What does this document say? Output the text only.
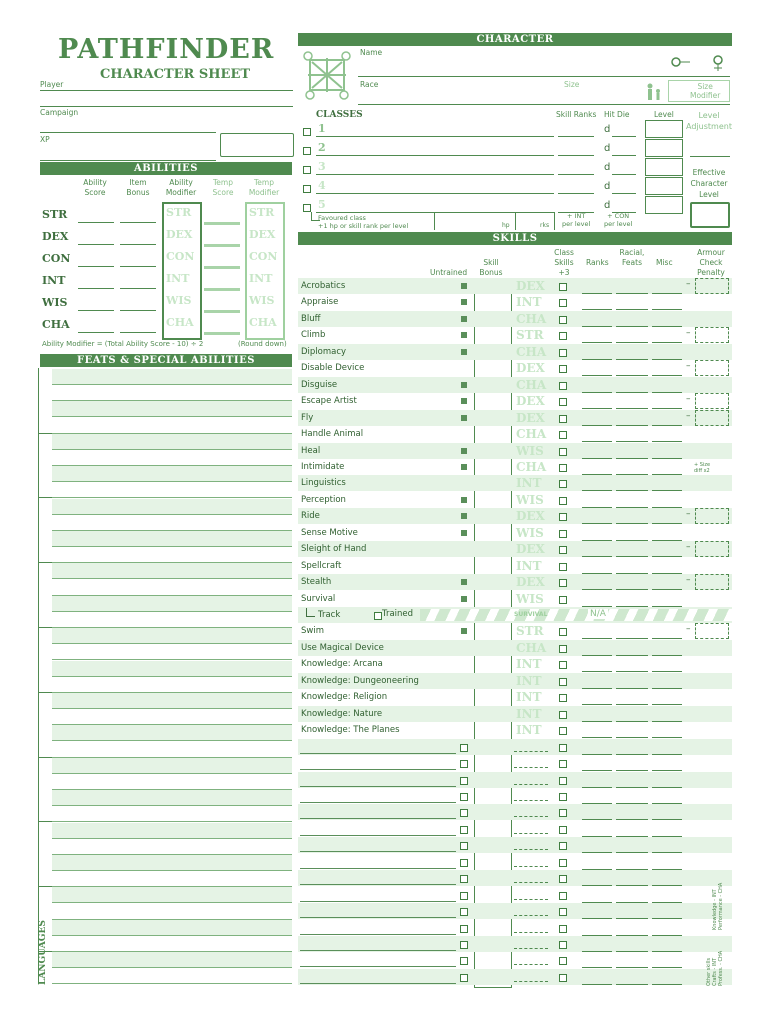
PATHFINDER
CHARACTER SHEET
Player
Campaign
XP
ABILITIES
Ability
Score
Item
Bonus
Ability
Modifier
Temp
Score
Temp
Modifier
STR	STR	STR
DEX	DEX	DEX
CON	CON	CON
INT	INT	INT
WIS	WIS	WIS
CHA	CHA	CHA
Ability Modifier = (Total Ability Score - 10) ÷ 2	(Round down)
FEATS & SPECIAL ABILITIES
LANGUAGES
CHARACTER
Name
Race	Size	Size
Modifier
CLASSES	Skill Ranks Hit Die	Level	Level
Adjustment
Effective
Character
Level
1	d
2	d
3	d
4	d
5	d
Favoured class
+1 hp or skill rank per level	hp	rks
+ INT
per level
+ CON
per level
SKILLS
Untrained
Skill
Bonus
Class
Skills
+3
Ranks
Racial,
Feats	Misc
Armour
Check
Penalty
Acrobatics	DEX	–
Appraise	INT
Bluff	CHA
Climb	STR	–
Diplomacy	CHA
Disable Device	DEX	–
Disguise	CHA
Escape Artist	DEX	–
Fly	DEX	–
Handle Animal	CHA
Heal	WIS
Intimidate	CHA
Linguistics	INT
Perception	WIS
Ride	DEX	–
Sense Motive	WIS
Sleight of Hand	DEX	–
Spellcraft	INT
Stealth	DEX	–
Survival	WIS
Track	Trained	SURVIVAL	N/A
Swim	STR	–
Use Magical Device	CHA
Knowledge: Arcana	INT
Knowledge: Dungeoneering	INT
Knowledge: Religion	INT
Knowledge: Nature	INT
Knowledge: The Planes	INT
+ Size
diff x2
Knowledge - INT
Performance - CHA
Other skills
Crafts - INT
Profess. - CHA
